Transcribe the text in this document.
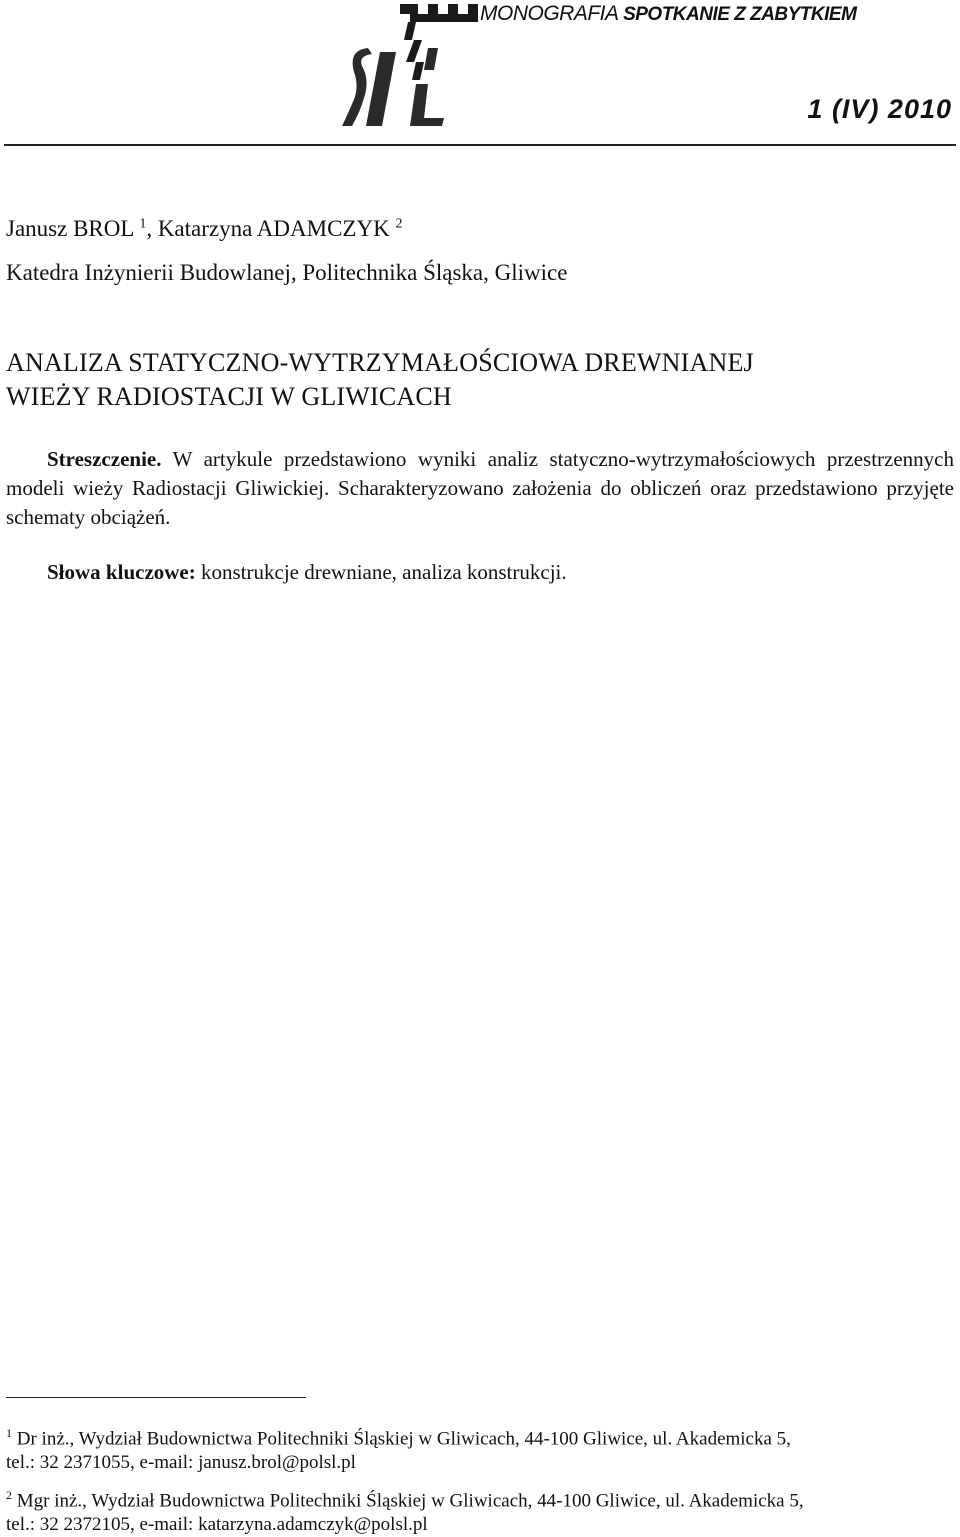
MONOGRAFIA SPOTKANIE Z ZABYTKIEM
1 (IV) 2010
Janusz BROL $^1$, Katarzyna ADAMCZYK $^2$
Katedra Inżynierii Budowlanej, Politechnika Śląska, Gliwice
ANALIZA STATYCZNO-WYTRZYMAŁOŚCIOWA DREWNIANEJ
WIEŻY RADIOSTACJI W GLIWICACH
Streszczenie. W artykule przedstawiono wyniki analiz statyczno-wytrzymałościowych przestrzennych modeli wieży Radiostacji Gliwickiej. Scharakteryzowano założenia do obliczeń oraz przedstawiono przyjęte schematy obciążeń.
Słowa kluczowe: konstrukcje drewniane, analiza konstrukcji.
$^1$ Dr inż., Wydział Budownictwa Politechniki Śląskiej w Gliwicach, 44-100 Gliwice, ul. Akademicka 5,
tel.: 32 2371055, e-mail: janusz.brol@polsl.pl
$^2$ Mgr inż., Wydział Budownictwa Politechniki Śląskiej w Gliwicach, 44-100 Gliwice, ul. Akademicka 5,
tel.: 32 2372105, e-mail: katarzyna.adamczyk@polsl.pl
